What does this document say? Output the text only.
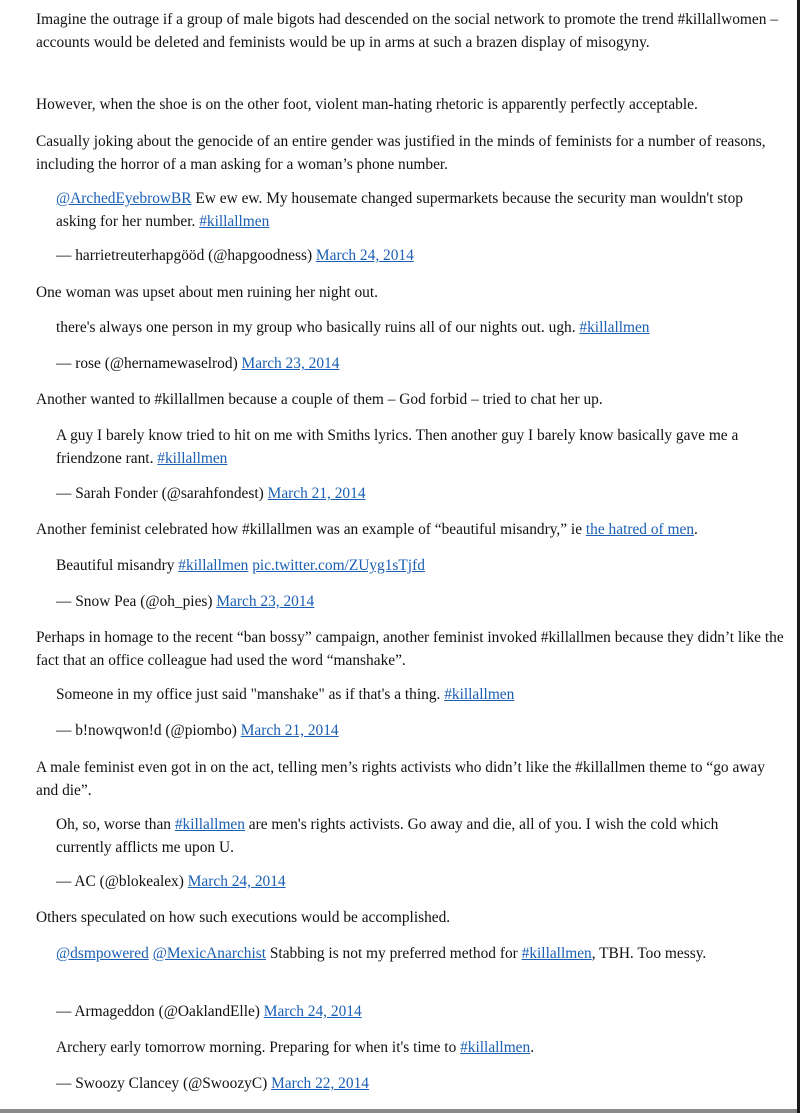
Imagine the outrage if a group of male bigots had descended on the social network to promote the trend #killallwomen – accounts would be deleted and feminists would be up in arms at such a brazen display of misogyny.

However, when the shoe is on the other foot, violent man-hating rhetoric is apparently perfectly acceptable.

Casually joking about the genocide of an entire gender was justified in the minds of feminists for a number of reasons, including the horror of a man asking for a woman’s phone number.

@ArchedEyebrowBR Ew ew ew. My housemate changed supermarkets because the security man wouldn't stop asking for her number. #killallmen

— harrietreuterhapgööd (@hapgoodness) March 24, 2014

One woman was upset about men ruining her night out.

there's always one person in my group who basically ruins all of our nights out. ugh. #killallmen

— rose (@hernamewaselrod) March 23, 2014

Another wanted to #killallmen because a couple of them – God forbid – tried to chat her up.

A guy I barely know tried to hit on me with Smiths lyrics. Then another guy I barely know basically gave me a friendzone rant. #killallmen

— Sarah Fonder (@sarahfondest) March 21, 2014

Another feminist celebrated how #killallmen was an example of “beautiful misandry,” ie the hatred of men.

Beautiful misandry #killallmen pic.twitter.com/ZUyg1sTjfd

— Snow Pea (@oh_pies) March 23, 2014

Perhaps in homage to the recent “ban bossy” campaign, another feminist invoked #killallmen because they didn’t like the fact that an office colleague had used the word “manshake”.

Someone in my office just said "manshake" as if that's a thing. #killallmen

— b!nowqwon!d (@piombo) March 21, 2014

A male feminist even got in on the act, telling men’s rights activists who didn’t like the #killallmen theme to “go away and die”.

Oh, so, worse than #killallmen are men's rights activists. Go away and die, all of you. I wish the cold which currently afflicts me upon U.

— AC (@blokealex) March 24, 2014

Others speculated on how such executions would be accomplished.

@dsmpowered @MexicAnarchist Stabbing is not my preferred method for #killallmen, TBH. Too messy.

— Armageddon (@OaklandElle) March 24, 2014

Archery early tomorrow morning. Preparing for when it's time to #killallmen.

— Swoozy Clancey (@SwoozyC) March 22, 2014
